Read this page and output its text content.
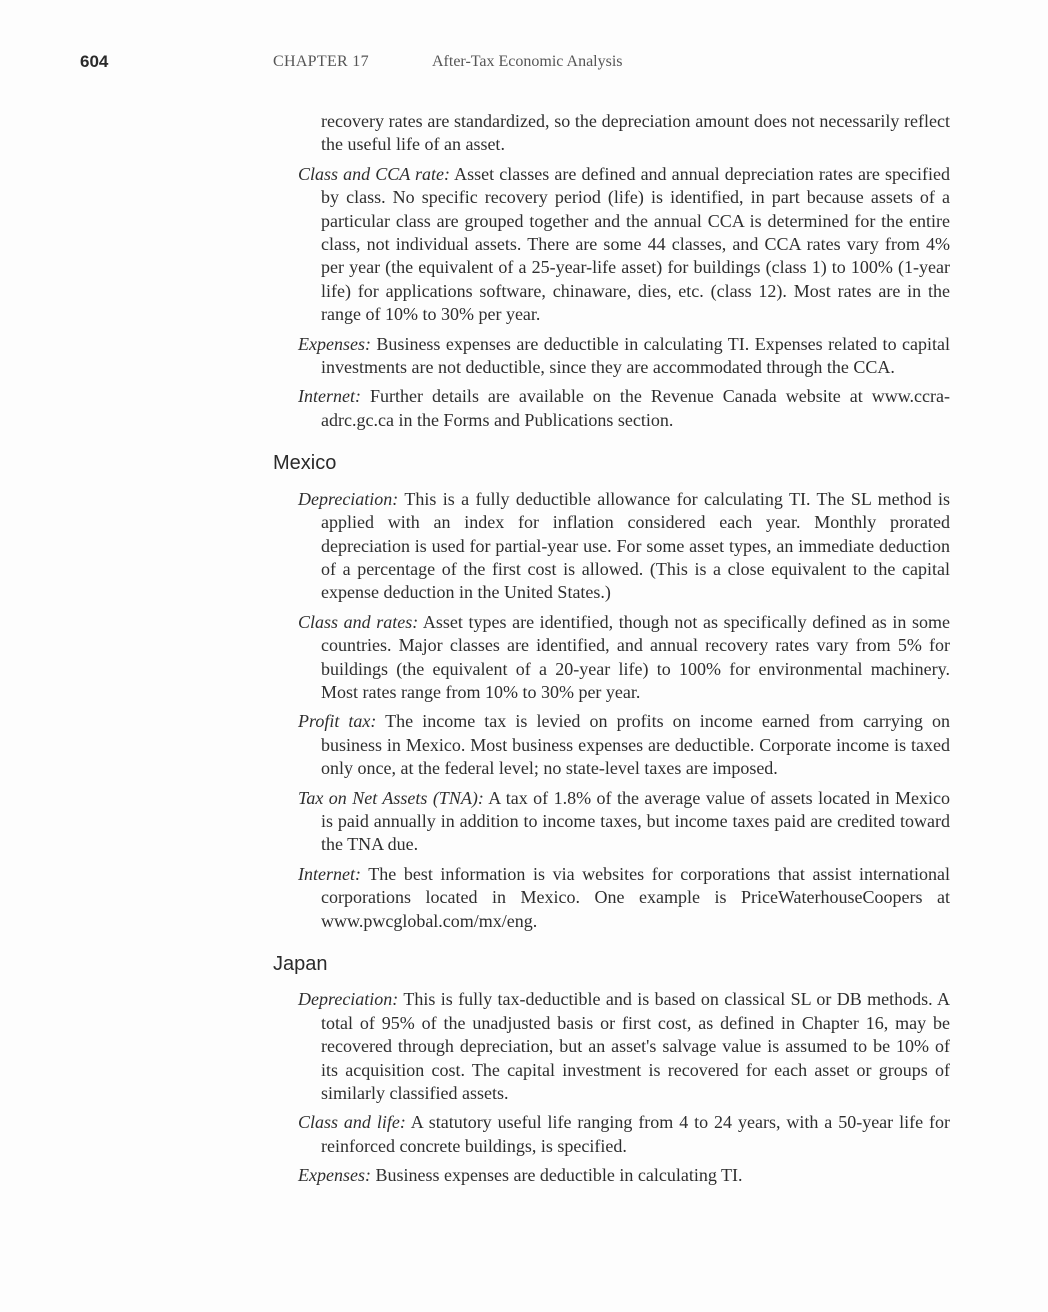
604	CHAPTER 17	After-Tax Economic Analysis

recovery rates are standardized, so the depreciation amount does not necessarily reflect the useful life of an asset.

Class and CCA rate: Asset classes are defined and annual depreciation rates are specified by class. No specific recovery period (life) is identified, in part because assets of a particular class are grouped together and the annual CCA is determined for the entire class, not individual assets. There are some 44 classes, and CCA rates vary from 4% per year (the equivalent of a 25-year-life asset) for buildings (class 1) to 100% (1-year life) for applications software, chinaware, dies, etc. (class 12). Most rates are in the range of 10% to 30% per year.

Expenses: Business expenses are deductible in calculating TI. Expenses related to capital investments are not deductible, since they are accommodated through the CCA.

Internet: Further details are available on the Revenue Canada website at www.ccra-adrc.gc.ca in the Forms and Publications section.

Mexico

Depreciation: This is a fully deductible allowance for calculating TI. The SL method is applied with an index for inflation considered each year. Monthly prorated depreciation is used for partial-year use. For some asset types, an immediate deduction of a percentage of the first cost is allowed. (This is a close equivalent to the capital expense deduction in the United States.)

Class and rates: Asset types are identified, though not as specifically defined as in some countries. Major classes are identified, and annual recovery rates vary from 5% for buildings (the equivalent of a 20-year life) to 100% for environmental machinery. Most rates range from 10% to 30% per year.

Profit tax: The income tax is levied on profits on income earned from carrying on business in Mexico. Most business expenses are deductible. Corporate income is taxed only once, at the federal level; no state-level taxes are imposed.

Tax on Net Assets (TNA): A tax of 1.8% of the average value of assets located in Mexico is paid annually in addition to income taxes, but income taxes paid are credited toward the TNA due.

Internet: The best information is via websites for corporations that assist international corporations located in Mexico. One example is PriceWaterhouseCoopers at www.pwcglobal.com/mx/eng.

Japan

Depreciation: This is fully tax-deductible and is based on classical SL or DB methods. A total of 95% of the unadjusted basis or first cost, as defined in Chapter 16, may be recovered through depreciation, but an asset's salvage value is assumed to be 10% of its acquisition cost. The capital investment is recovered for each asset or groups of similarly classified assets.

Class and life: A statutory useful life ranging from 4 to 24 years, with a 50-year life for reinforced concrete buildings, is specified.

Expenses: Business expenses are deductible in calculating TI.
